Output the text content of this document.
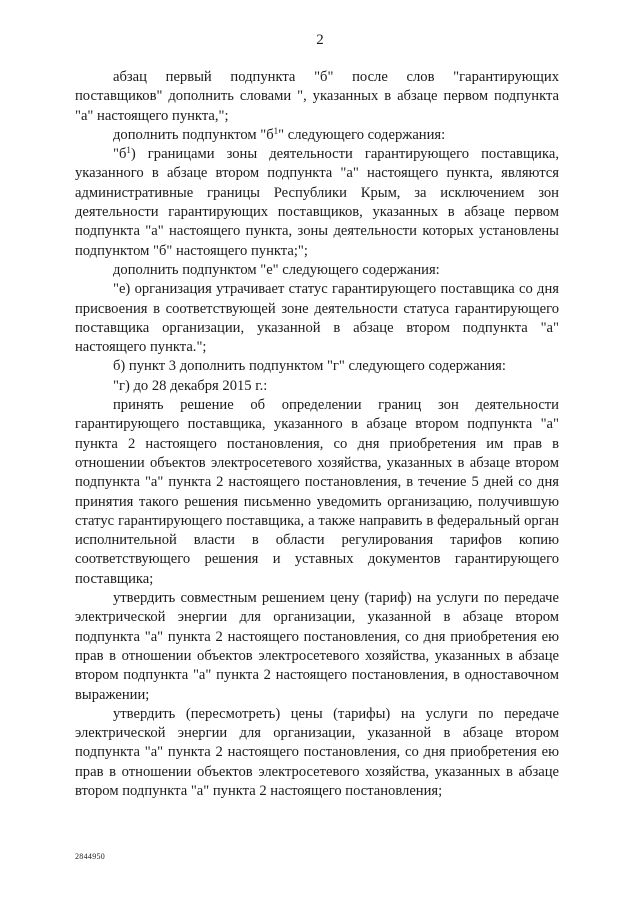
2

абзац первый подпункта "б" после слов "гарантирующих поставщиков" дополнить словами ", указанных в абзаце первом подпункта "а" настоящего пункта,";

дополнить подпунктом "$б^1$" следующего содержания:

"$б^1$) границами зоны деятельности гарантирующего поставщика, указанного в абзаце втором подпункта "а" настоящего пункта, являются административные границы Республики Крым, за исключением зон деятельности гарантирующих поставщиков, указанных в абзаце первом подпункта "а" настоящего пункта, зоны деятельности которых установлены подпунктом "б" настоящего пункта;";

дополнить подпунктом "е" следующего содержания:

"е) организация утрачивает статус гарантирующего поставщика со дня присвоения в соответствующей зоне деятельности статуса гарантирующего поставщика организации, указанной в абзаце втором подпункта "а" настоящего пункта.";

б) пункт 3 дополнить подпунктом "г" следующего содержания:

"г) до 28 декабря 2015 г.:

принять решение об определении границ зон деятельности гарантирующего поставщика, указанного в абзаце втором подпункта "а" пункта 2 настоящего постановления, со дня приобретения им прав в отношении объектов электросетевого хозяйства, указанных в абзаце втором подпункта "а" пункта 2 настоящего постановления, в течение 5 дней со дня принятия такого решения письменно уведомить организацию, получившую статус гарантирующего поставщика, а также направить в федеральный орган исполнительной власти в области регулирования тарифов копию соответствующего решения и уставных документов гарантирующего поставщика;

утвердить совместным решением цену (тариф) на услуги по передаче электрической энергии для организации, указанной в абзаце втором подпункта "а" пункта 2 настоящего постановления, со дня приобретения ею прав в отношении объектов электросетевого хозяйства, указанных в абзаце втором подпункта "а" пункта 2 настоящего постановления, в одноставочном выражении;

утвердить (пересмотреть) цены (тарифы) на услуги по передаче электрической энергии для организации, указанной в абзаце втором подпункта "а" пункта 2 настоящего постановления, со дня приобретения ею прав в отношении объектов электросетевого хозяйства, указанных в абзаце втором подпункта "а" пункта 2 настоящего постановления;

2844950
